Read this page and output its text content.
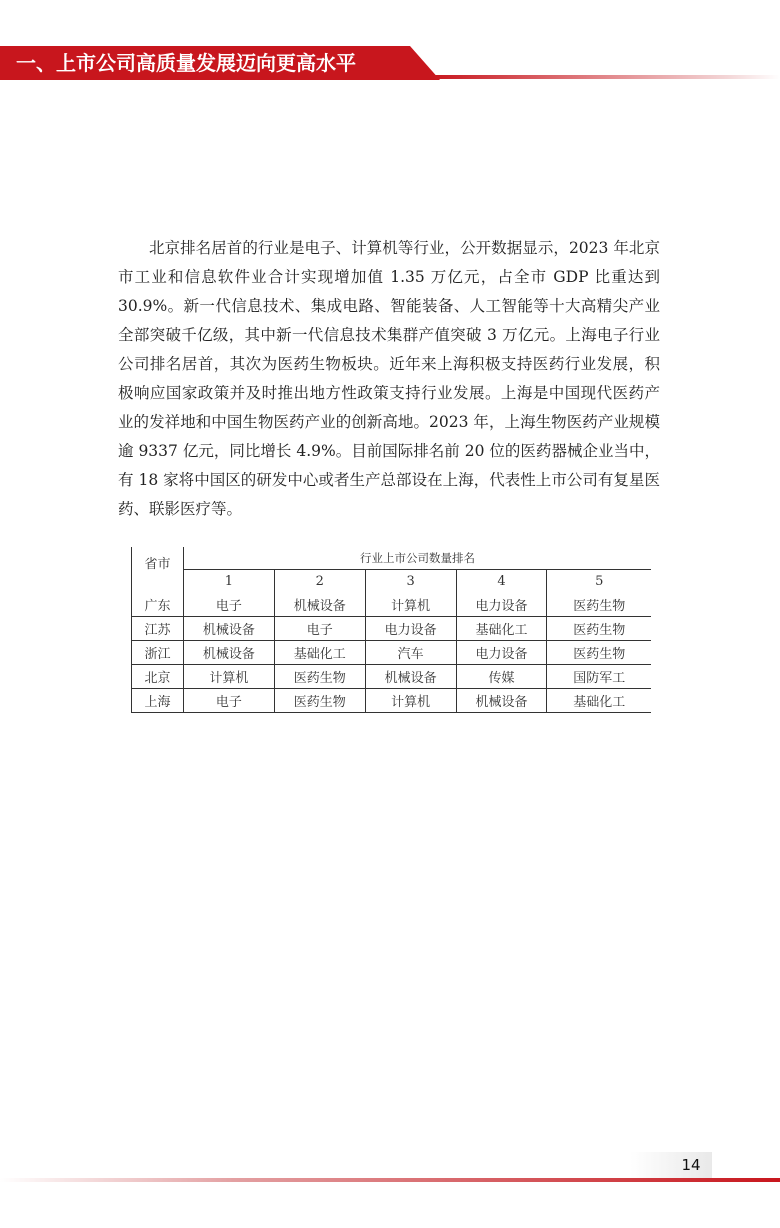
一、上市公司高质量发展迈向更高水平

北京排名居首的行业是电子、计算机等行业，公开数据显示，2023 年北京市工业和信息软件业合计实现增加值 1.35 万亿元，占全市 GDP 比重达到 30.9%。新一代信息技术、集成电路、智能装备、人工智能等十大高精尖产业全部突破千亿级，其中新一代信息技术集群产值突破 3 万亿元。上海电子行业公司排名居首，其次为医药生物板块。近年来上海积极支持医药行业发展，积极响应国家政策并及时推出地方性政策支持行业发展。上海是中国现代医药产业的发祥地和中国生物医药产业的创新高地。2023 年，上海生物医药产业规模逾 9337 亿元，同比增长 4.9%。目前国际排名前 20 位的医药器械企业当中，有 18 家将中国区的研发中心或者生产总部设在上海，代表性上市公司有复星医药、联影医疗等。

省市	行业上市公司数量排名				
	1	2	3	4	5
广东	电子	机械设备	计算机	电力设备	医药生物
江苏	机械设备	电子	电力设备	基础化工	医药生物
浙江	机械设备	基础化工	汽车	电力设备	医药生物
北京	计算机	医药生物	机械设备	传媒	国防军工
上海	电子	医药生物	计算机	机械设备	基础化工
14
